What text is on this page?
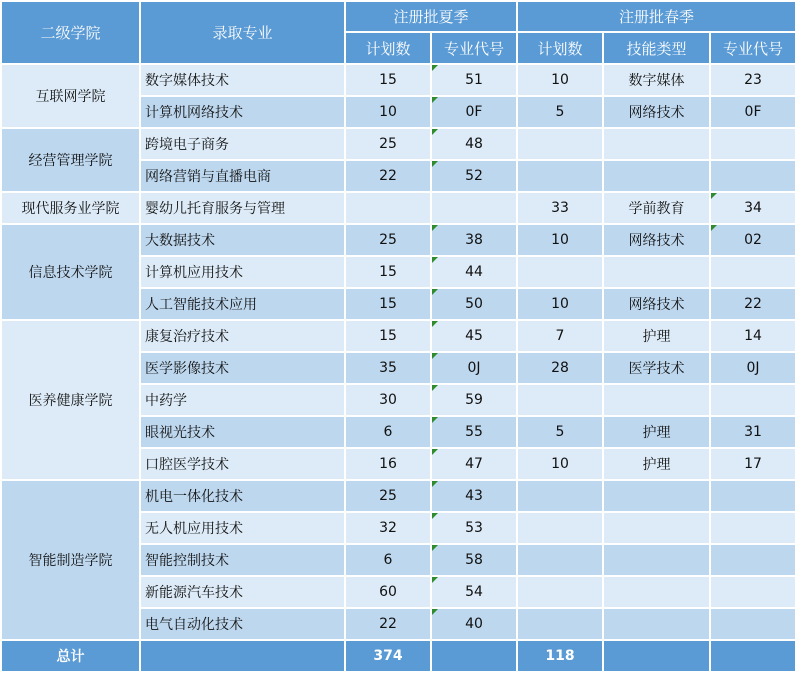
二级学院	录取专业	注册批夏季		注册批春季		
		计划数	专业代号	计划数	技能类型	专业代号
互联网学院	数字媒体技术	15	51	10	数字媒体	23
	计算机网络技术	10	0F	5	网络技术	0F
经营管理学院	跨境电子商务	25	48			
	网络营销与直播电商	22	52			
现代服务业学院	婴幼儿托育服务与管理			33	学前教育	34
信息技术学院	大数据技术	25	38	10	网络技术	02
	计算机应用技术	15	44			
	人工智能技术应用	15	50	10	网络技术	22
医养健康学院	康复治疗技术	15	45	7	护理	14
	医学影像技术	35	0J	28	医学技术	0J
	中药学	30	59			
	眼视光技术	6	55	5	护理	31
	口腔医学技术	16	47	10	护理	17
智能制造学院	机电一体化技术	25	43			
	无人机应用技术	32	53			
	智能控制技术	6	58			
	新能源汽车技术	60	54			
	电气自动化技术	22	40			
总计		374		118		
